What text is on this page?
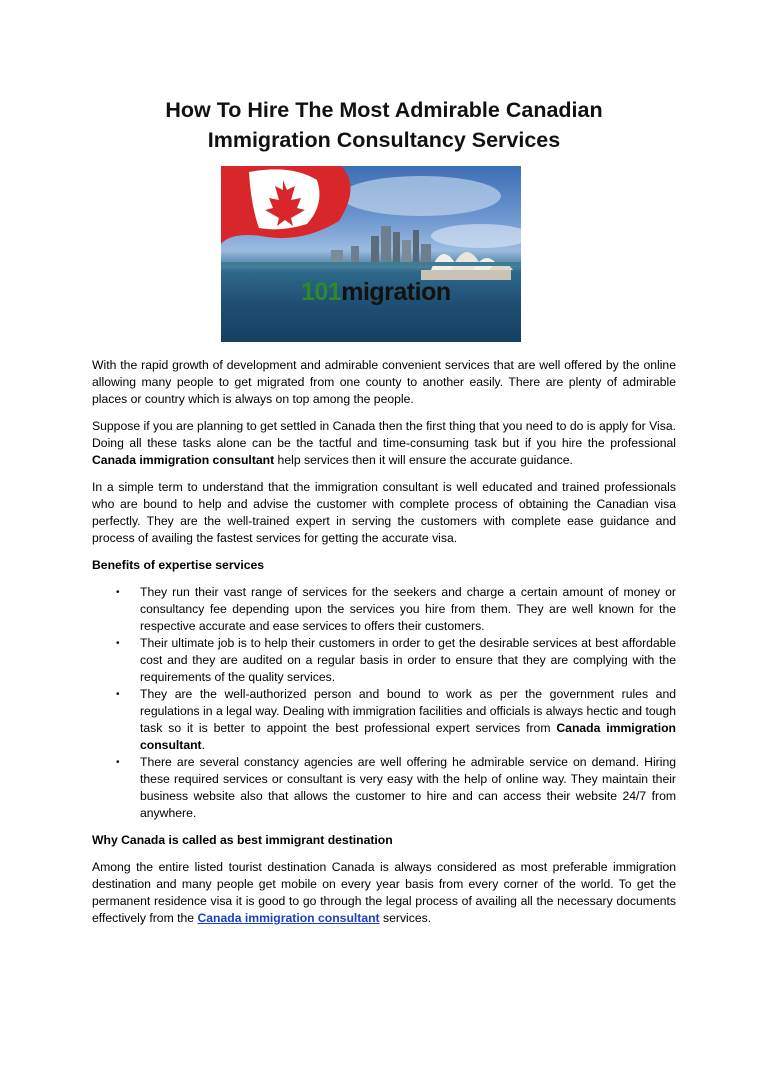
How To Hire The Most Admirable Canadian
Immigration Consultancy Services
101migration

With the rapid growth of development and admirable convenient services that are well offered by the online allowing many people to get migrated from one county to another easily. There are plenty of admirable places or country which is always on top among the people.

Suppose if you are planning to get settled in Canada then the first thing that you need to do is apply for Visa. Doing all these tasks alone can be the tactful and time-consuming task but if you hire the professional Canada immigration consultant help services then it will ensure the accurate guidance.

In a simple term to understand that the immigration consultant is well educated and trained professionals who are bound to help and advise the customer with complete process of obtaining the Canadian visa perfectly. They are the well-trained expert in serving the customers with complete ease guidance and process of availing the fastest services for getting the accurate visa.

Benefits of expertise services
• They run their vast range of services for the seekers and charge a certain amount of money or consultancy fee depending upon the services you hire from them. They are well known for the respective accurate and ease services to offers their customers.
• Their ultimate job is to help their customers in order to get the desirable services at best affordable cost and they are audited on a regular basis in order to ensure that they are complying with the requirements of the quality services.
• They are the well-authorized person and bound to work as per the government rules and regulations in a legal way. Dealing with immigration facilities and officials is always hectic and tough task so it is better to appoint the best professional expert services from Canada immigration consultant.
• There are several constancy agencies are well offering he admirable service on demand. Hiring these required services or consultant is very easy with the help of online way. They maintain their business website also that allows the customer to hire and can access their website 24/7 from anywhere.
Why Canada is called as best immigrant destination

Among the entire listed tourist destination Canada is always considered as most preferable immigration destination and many people get mobile on every year basis from every corner of the world. To get the permanent residence visa it is good to go through the legal process of availing all the necessary documents effectively from the Canada immigration consultant services.
